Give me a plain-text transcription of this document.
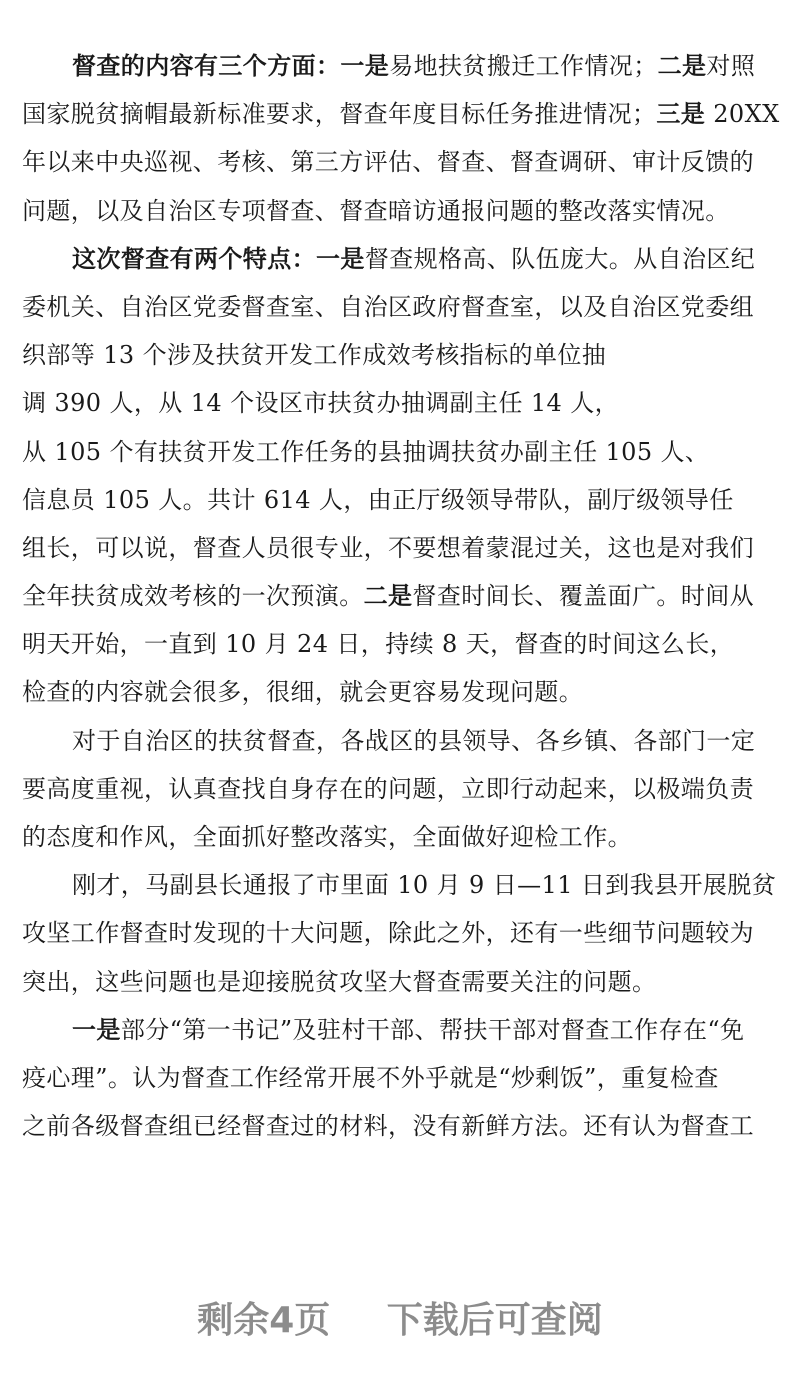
督查的内容有三个方面：一是易地扶贫搬迁工作情况；二是对照
国家脱贫摘帽最新标准要求，督查年度目标任务推进情况；三是 20XX
年以来中央巡视、考核、第三方评估、督查、督查调研、审计反馈的
问题，以及自治区专项督查、督查暗访通报问题的整改落实情况。
这次督查有两个特点：一是督查规格高、队伍庞大。从自治区纪
委机关、自治区党委督查室、自治区政府督查室，以及自治区党委组
织部等 13 个涉及扶贫开发工作成效考核指标的单位抽
调 390 人，从 14 个设区市扶贫办抽调副主任 14 人，
从 105 个有扶贫开发工作任务的县抽调扶贫办副主任 105 人、
信息员 105 人。共计 614 人，由正厅级领导带队，副厅级领导任
组长，可以说，督查人员很专业，不要想着蒙混过关，这也是对我们
全年扶贫成效考核的一次预演。二是督查时间长、覆盖面广。时间从
明天开始，一直到 10 月 24 日，持续 8 天，督查的时间这么长，
检查的内容就会很多，很细，就会更容易发现问题。
对于自治区的扶贫督查，各战区的县领导、各乡镇、各部门一定
要高度重视，认真查找自身存在的问题，立即行动起来，以极端负责
的态度和作风，全面抓好整改落实，全面做好迎检工作。
刚才，马副县长通报了市里面 10 月 9 日—11 日到我县开展脱贫
攻坚工作督查时发现的十大问题，除此之外，还有一些细节问题较为
突出，这些问题也是迎接脱贫攻坚大督查需要关注的问题。
一是部分“第一书记”及驻村干部、帮扶干部对督查工作存在“免
疫心理”。认为督查工作经常开展不外乎就是“炒剩饭”，重复检查
之前各级督查组已经督查过的材料，没有新鲜方法。还有认为督查工
剩余4页 下载后可查阅
